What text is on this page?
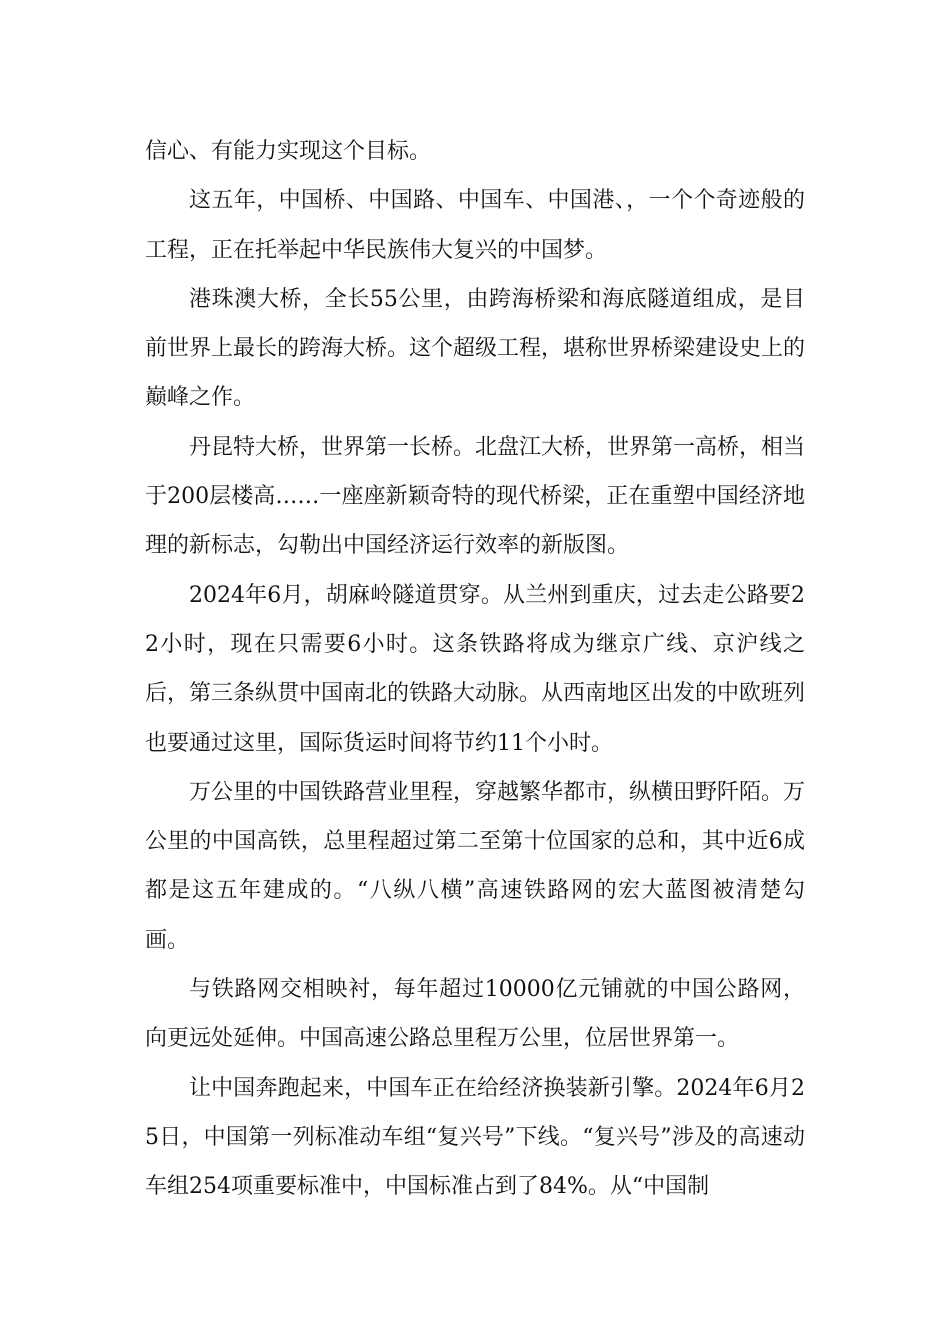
信心、有能力实现这个目标。

这五年，中国桥、中国路、中国车、中国港、，一个个奇迹般的工程，正在托举起中华民族伟大复兴的中国梦。

港珠澳大桥，全长55公里，由跨海桥梁和海底隧道组成，是目前世界上最长的跨海大桥。这个超级工程，堪称世界桥梁建设史上的巅峰之作。

丹昆特大桥，世界第一长桥。北盘江大桥，世界第一高桥，相当于200层楼高……一座座新颖奇特的现代桥梁，正在重塑中国经济地理的新标志，勾勒出中国经济运行效率的新版图。

2024年6月，胡麻岭隧道贯穿。从兰州到重庆，过去走公路要22小时，现在只需要6小时。这条铁路将成为继京广线、京沪线之后，第三条纵贯中国南北的铁路大动脉。从西南地区出发的中欧班列也要通过这里，国际货运时间将节约11个小时。

万公里的中国铁路营业里程，穿越繁华都市，纵横田野阡陌。万公里的中国高铁，总里程超过第二至第十位国家的总和，其中近6成都是这五年建成的。“八纵八横”高速铁路网的宏大蓝图被清楚勾画。

与铁路网交相映衬，每年超过10000亿元铺就的中国公路网，向更远处延伸。中国高速公路总里程万公里，位居世界第一。

让中国奔跑起来，中国车正在给经济换装新引擎。2024年6月25日，中国第一列标准动车组“复兴号”下线。“复兴号”涉及的高速动车组254项重要标准中，中国标准占到了84%。从“中国制
